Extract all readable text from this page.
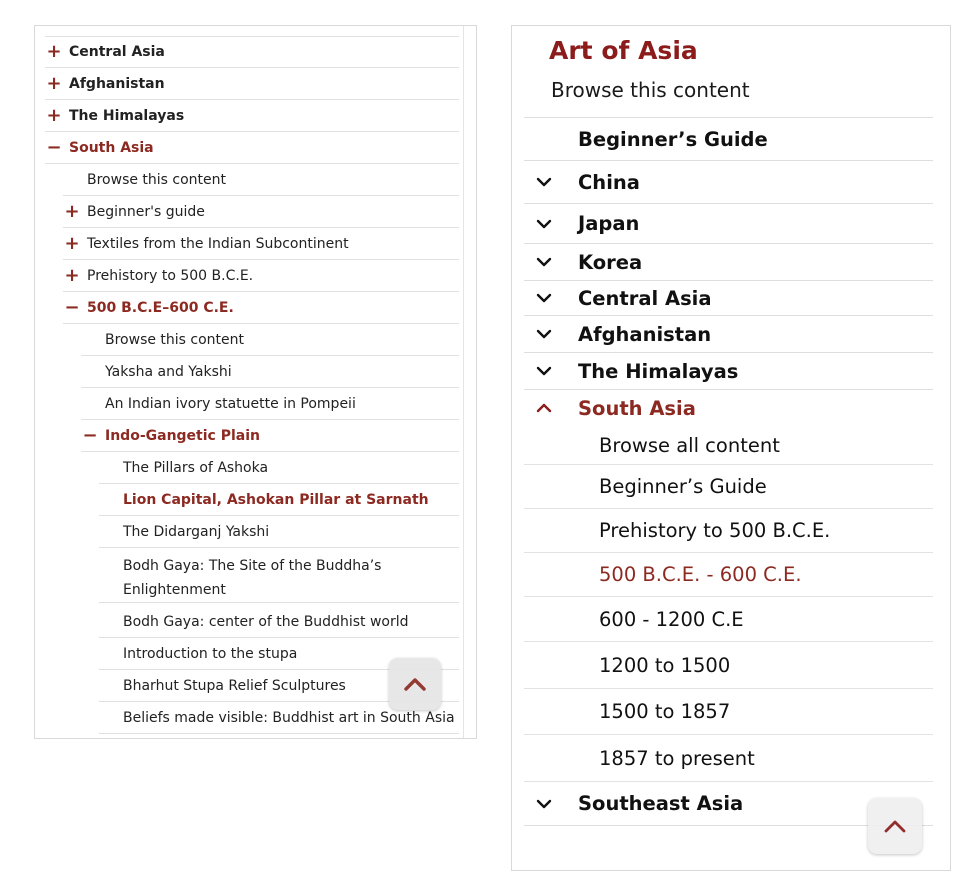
+ Central Asia
+ Afghanistan
+ The Himalayas
− South Asia
Browse this content
+ Beginner's guide
+ Textiles from the Indian Subcontinent
+ Prehistory to 500 B.C.E.
− 500 B.C.E–600 C.E.
Browse this content
Yaksha and Yakshi
An Indian ivory statuette in Pompeii
− Indo-Gangetic Plain
The Pillars of Ashoka
Lion Capital, Ashokan Pillar at Sarnath
The Didarganj Yakshi
Bodh Gaya: The Site of the Buddha’s Enlightenment
Bodh Gaya: center of the Buddhist world
Introduction to the stupa
Bharhut Stupa Relief Sculptures
Beliefs made visible: Buddhist art in South Asia
Art of Asia
Browse this content
Beginner’s Guide
China
Japan
Korea
Central Asia
Afghanistan
The Himalayas
South Asia
Browse all content
Beginner’s Guide
Prehistory to 500 B.C.E.
500 B.C.E. - 600 C.E.
600 - 1200 C.E
1200 to 1500
1500 to 1857
1857 to present
Southeast Asia
